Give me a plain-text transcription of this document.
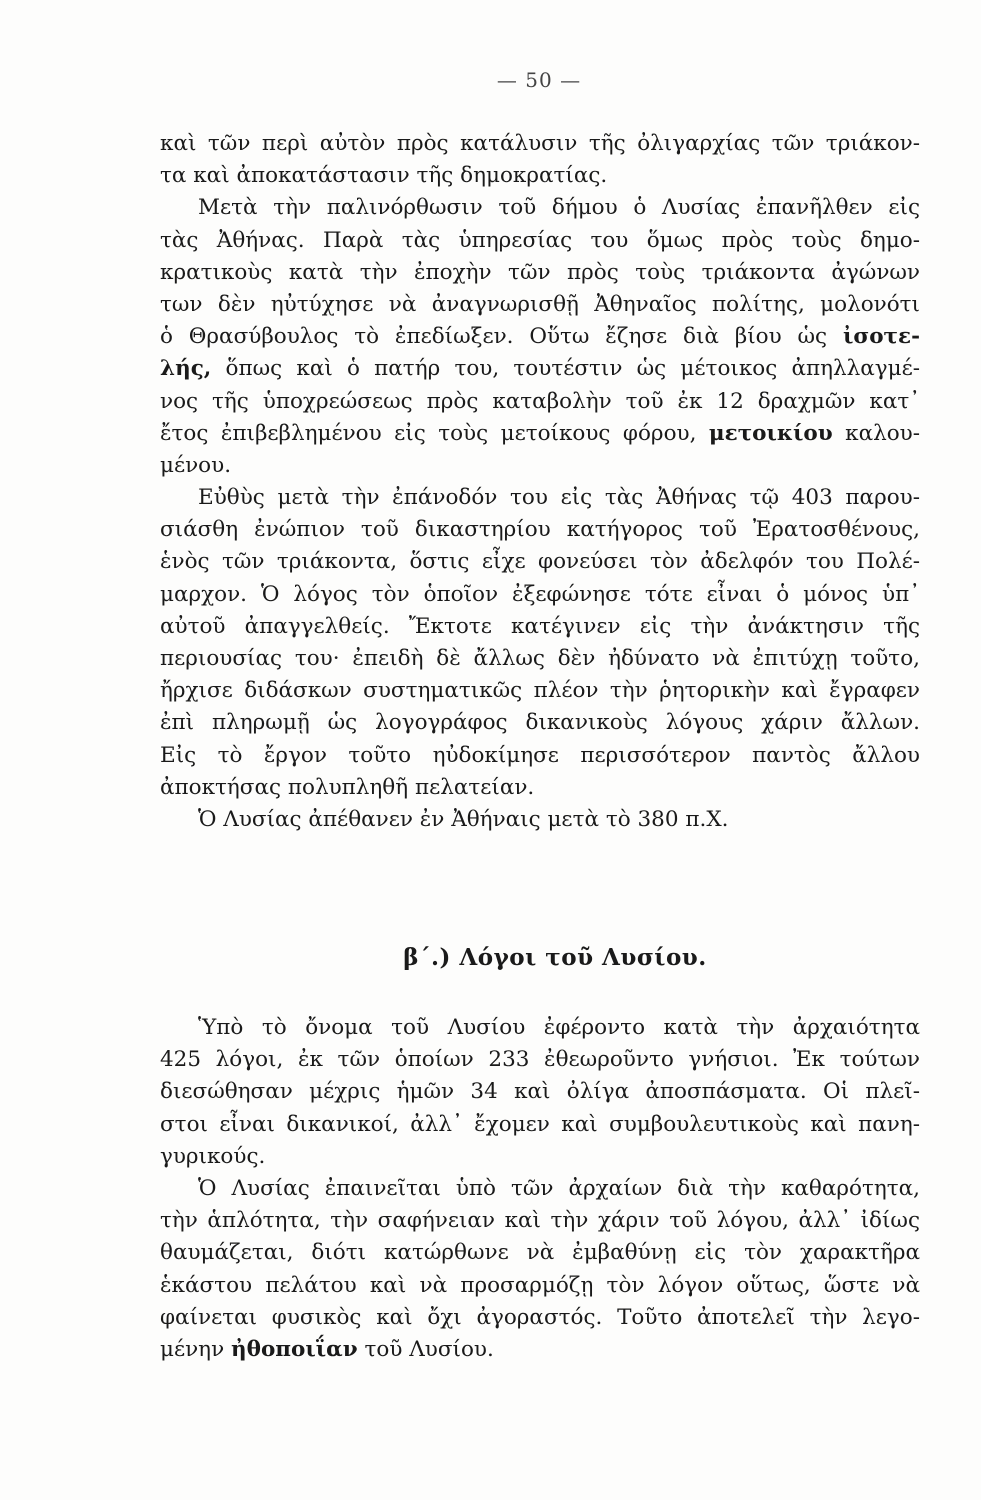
— 50 —
καὶ τῶν περὶ αὐτὸν πρὸς κατάλυσιν τῆς ὀλιγαρχίας τῶν τριάκον-
τα καὶ ἀποκατάστασιν τῆς δημοκρατίας.
Μετὰ τὴν παλινόρθωσιν τοῦ δήμου ὁ Λυσίας ἐπανῆλθεν εἰς
τὰς Ἀθήνας. Παρὰ τὰς ὑπηρεσίας του ὅμως πρὸς τοὺς δημο-
κρατικοὺς κατὰ τὴν ἐποχὴν τῶν πρὸς τοὺς τριάκοντα ἀγώνων
των δὲν ηὐτύχησε νὰ ἀναγνωρισθῇ Ἀθηναῖος πολίτης, μολονότι
ὁ Θρασύβουλος τὸ ἐπεδίωξεν. Οὕτω ἔζησε διὰ βίου ὡς ἰσοτε-
λής, ὅπως καὶ ὁ πατήρ του, τουτέστιν ὡς μέτοικος ἀπηλλαγμέ-
νος τῆς ὑποχρεώσεως πρὸς καταβολὴν τοῦ ἐκ 12 δραχμῶν κατ᾽
ἔτος ἐπιβεβλημένου εἰς τοὺς μετοίκους φόρου, μετοικίου καλου-
μένου.
Εὐθὺς μετὰ τὴν ἐπάνοδόν του εἰς τὰς Ἀθήνας τῷ 403 παρου-
σιάσθη ἐνώπιον τοῦ δικαστηρίου κατήγορος τοῦ Ἐρατοσθένους,
ἑνὸς τῶν τριάκοντα, ὅστις εἶχε φονεύσει τὸν ἀδελφόν του Πολέ-
μαρχον. Ὁ λόγος τὸν ὁποῖον ἐξεφώνησε τότε εἶναι ὁ μόνος ὑπ᾽
αὐτοῦ ἀπαγγελθείς. Ἔκτοτε κατέγινεν εἰς τὴν ἀνάκτησιν τῆς
περιουσίας του· ἐπειδὴ δὲ ἄλλως δὲν ἠδύνατο νὰ ἐπιτύχῃ τοῦτο,
ἤρχισε διδάσκων συστηματικῶς πλέον τὴν ῥητορικὴν καὶ ἔγραφεν
ἐπὶ πληρωμῇ ὡς λογογράφος δικανικοὺς λόγους χάριν ἄλλων.
Εἰς τὸ ἔργον τοῦτο ηὐδοκίμησε περισσότερον παντὸς ἄλλου
ἀποκτήσας πολυπληθῆ πελατείαν.
Ὁ Λυσίας ἀπέθανεν ἐν Ἀθήναις μετὰ τὸ 380 π.Χ.
β΄.) Λόγοι τοῦ Λυσίου.
Ὑπὸ τὸ ὄνομα τοῦ Λυσίου ἐφέροντο κατὰ τὴν ἀρχαιότητα
425 λόγοι, ἐκ τῶν ὁποίων 233 ἐθεωροῦντο γνήσιοι. Ἐκ τούτων
διεσώθησαν μέχρις ἡμῶν 34 καὶ ὀλίγα ἀποσπάσματα. Οἱ πλεῖ-
στοι εἶναι δικανικοί, ἀλλ᾽ ἔχομεν καὶ συμβουλευτικοὺς καὶ πανη-
γυρικούς.
Ὁ Λυσίας ἐπαινεῖται ὑπὸ τῶν ἀρχαίων διὰ τὴν καθαρότητα,
τὴν ἁπλότητα, τὴν σαφήνειαν καὶ τὴν χάριν τοῦ λόγου, ἀλλ᾽ ἰδίως
θαυμάζεται, διότι κατώρθωνε νὰ ἐμβαθύνῃ εἰς τὸν χαρακτῆρα
ἑκάστου πελάτου καὶ νὰ προσαρμόζῃ τὸν λόγον οὕτως, ὥστε νὰ
φαίνεται φυσικὸς καὶ ὄχι ἀγοραστός. Τοῦτο ἀποτελεῖ τὴν λεγο-
μένην ἠθοποιΐαν τοῦ Λυσίου.
